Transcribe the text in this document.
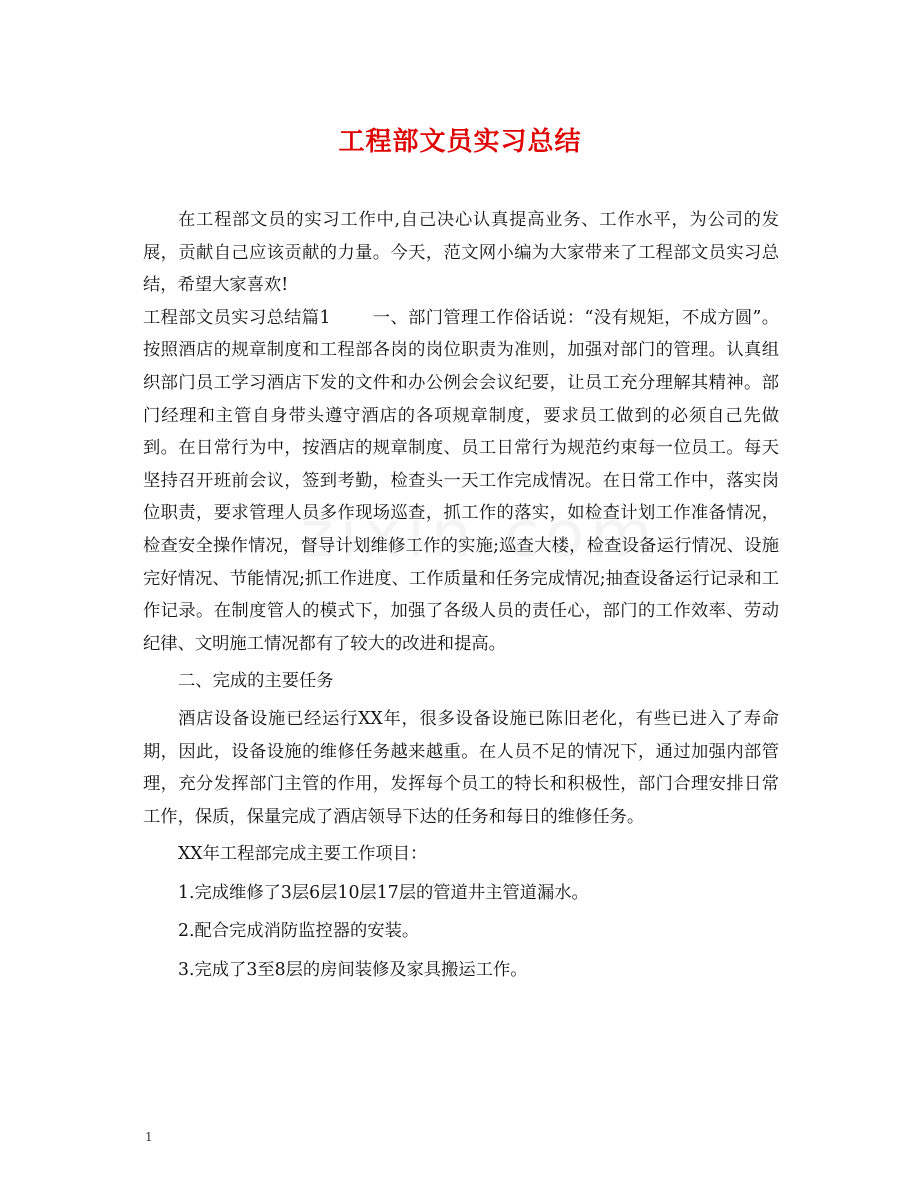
工程部文员实习总结

在工程部文员的实习工作中,自己决心认真提高业务、工作水平，为公司的发展，贡献自己应该贡献的力量。今天，范文网小编为大家带来了工程部文员实习总结，希望大家喜欢!

工程部文员实习总结篇1 一、部门管理工作俗话说：“没有规矩，不成方圆”。按照酒店的规章制度和工程部各岗的岗位职责为准则，加强对部门的管理。认真组织部门员工学习酒店下发的文件和办公例会会议纪要，让员工充分理解其精神。部门经理和主管自身带头遵守酒店的各项规章制度，要求员工做到的必须自己先做到。在日常行为中，按酒店的规章制度、员工日常行为规范约束每一位员工。每天坚持召开班前会议，签到考勤，检查头一天工作完成情况。在日常工作中，落实岗位职责，要求管理人员多作现场巡查，抓工作的落实，如检查计划工作准备情况，检查安全操作情况，督导计划维修工作的实施;巡查大楼，检查设备运行情况、设施完好情况、节能情况;抓工作进度、工作质量和任务完成情况;抽查设备运行记录和工作记录。在制度管人的模式下，加强了各级人员的责任心，部门的工作效率、劳动纪律、文明施工情况都有了较大的改进和提高。

二、完成的主要任务

酒店设备设施已经运行XX年，很多设备设施已陈旧老化，有些已进入了寿命期，因此，设备设施的维修任务越来越重。在人员不足的情况下，通过加强内部管理，充分发挥部门主管的作用，发挥每个员工的特长和积极性，部门合理安排日常工作，保质，保量完成了酒店领导下达的任务和每日的维修任务。

XX年工程部完成主要工作项目：

1.完成维修了3层6层10层17层的管道井主管道漏水。

2.配合完成消防监控器的安装。

3.完成了3至8层的房间装修及家具搬运工作。

1
